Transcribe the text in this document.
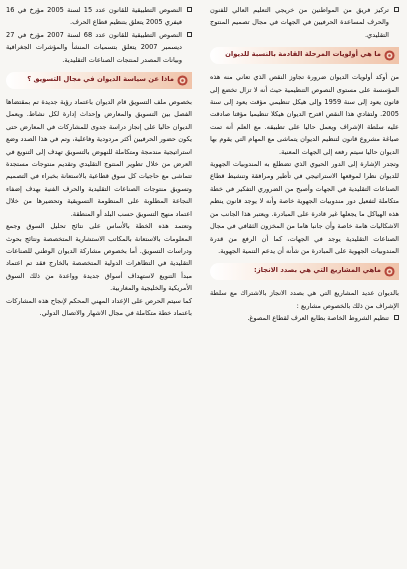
تركيز فريق من المواطنين من خريجي التعليم العالي للفنون والحرف لمساعدة الحرفيين في الجهات في مجال تصميم المنتوج التقليدي.

ما هي أولويات المرحلة القادمة بالنسبة للديوان

من أوكد أولويات الديوان ضرورة تجاوز النقص الذي تعاني منه هذه المؤسسة على مستوى النصوص التنظيمية حيث أنه لا تزال تخضع إلى قانون يعود إلى سنة 1959 وإلى هيكل تنظيمي مؤقت يعود إلى سنة 2005. ولتفادي هذا النقص اقترح الديوان هيكلا تنظيميا مؤقتا صادقت عليه سلطة الإشراف ويعمل حاليا على تطبيقه. مع العلم أنه تمت صياغة مشروع قانون لتنظيم الديوان يتماشى مع المهام التي يقوم بها الديوان حاليا سيتم رفعه إلى الجهات المعنية.

وتجدر الإشارة إلى الدور الحيوي الذي تضطلع به المندوبيات الجهوية للديوان نظرا لموقعها الاستراتيجي في تأطير ومرافقة وتنشيط قطاع الصناعات التقليدية في الجهات وأصبح من الضروري التفكير في خطة متكاملة لتفعيل دور مندوبيات الجهوية خاصة وأنه لا يوجد قانون ينظم هذه الهياكل ما يجعلها غير قادرة على المبادرة. ويعتبر هذا الجانب من الاشكاليات هامة خاصة وأن جانبا هاما من المخزون الثقافي في مجال الصناعات التقليدية يوجد في الجهات، كما أن الرفع من قدرة المندوبيات الجهوية على المبادرة من شأنه أن يدعم التنمية الجهوية.

ماهي المشاريع التي هي بصدد الانجاز:

بالديوان عديد المشاريع التي هي بصدد الانجاز بالاشتراك مع سلطة الإشراف من ذلك بالخصوص مشاريع :

تنظيم الشروط الخاصة بطابع العرف لقطاع المصوغ.

النصوص التطبيقية للقانون عدد 15 لسنة 2005 مؤرخ في 16 فيفري 2005 يتعلق بتنظيم قطاع الحرف.

النصوص التطبيقية للقانون عدد 68 لسنة 2007 مؤرخ في 27 ديسمبر 2007 يتعلق بتسميات المنشأ والمؤشرات الجغرافية وبيانات المصدر لمنتجات الصناعات التقليدية.

ماذا عن سياسة الديوان في مجال التسويق ؟

بخصوص ملف التسويق قام الديوان باعتماد رؤية جديدة تم بمقتضاها الفصل بين التسويق والمعارض وإحداث إدارة لكل نشاط. ويعمل الديوان حاليا على إنجاز دراسة جدوى للمشاركات في المعارض حتى يكون حضور الحرفيين أكثر مردودية وفاعلية، وتم في هذا الصدد وضع استراتيجية مندمجة ومتكاملة للنهوض بالتسويق تهدف إلى التنويع في العرض من خلال تطوير المنتوج التقليدي وتقديم منتوجات مستجدة تتماشى مع حاجيات كل سوق قطاعية بالاستعانة بخبراء في التصميم وتسويق منتوجات الصناعات التقليدية والحرف الفنية بهدف إضفاء النجاعة المطلوبة على المنظومة التسويقية وتحضيرها من خلال اعتماد منهج التسويق حسب البلد أو المنطقة.

وتعتمد هذه الخطة بالأساس على نتائج تحليل السوق وجمع المعلومات بالاستعانة بالمكاتب الاستشارية المتخصصة ونتائج بحوث ودراسات التسويق. أما بخصوص مشاركة الديوان الوطني للصناعات التقليدية في التظاهرات الدولية المتخصصة بالخارج فقد تم اعتماد مبدأ التنويع لاستهداف أسواق جديدة وواعدة من ذلك السوق الأمريكية والخليجية والمغاربية.

كما سيتم الحرص على الإعداد المهني المحكم لإنجاح هذه المشاركات باعتماد خطة متكاملة في مجال الاشهار والاتصال الدولي.
